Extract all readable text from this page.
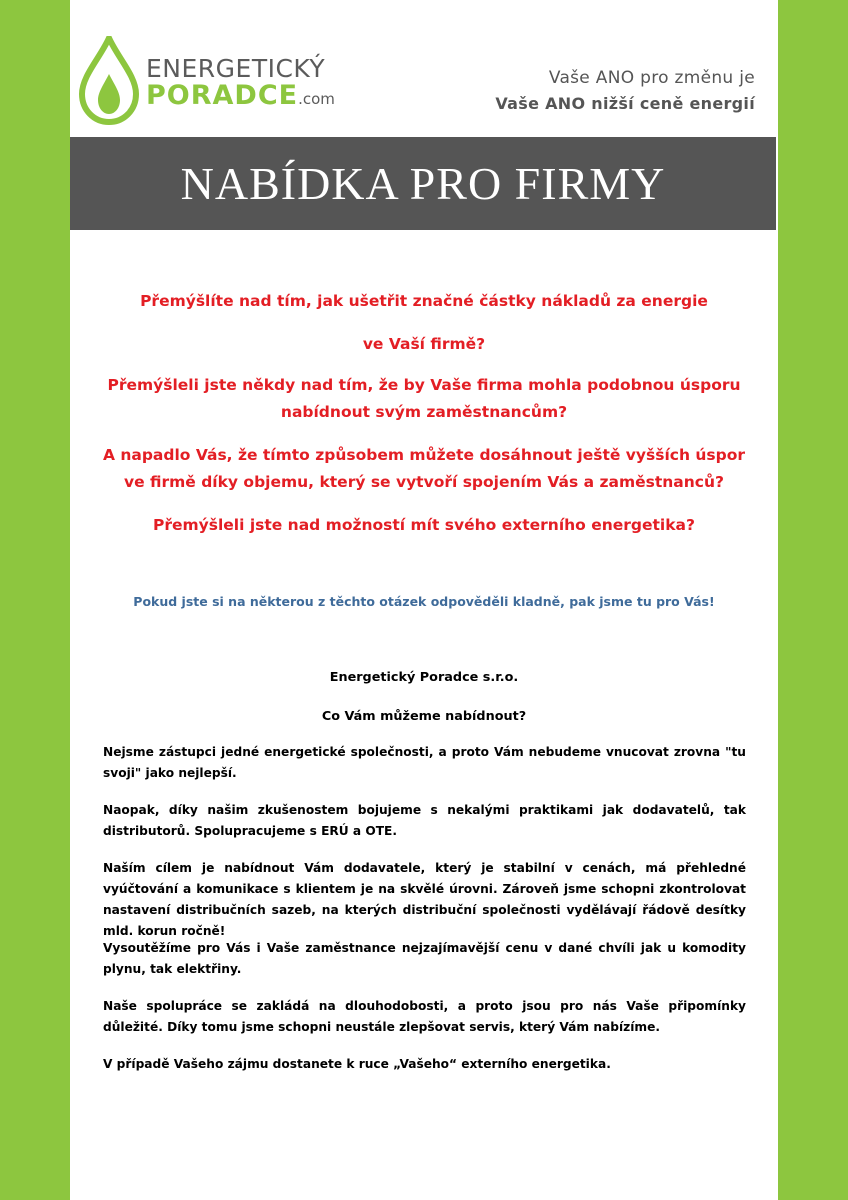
ENERGETICKÝ
PORADCE.com
Vaše ANO pro změnu je
Vaše ANO nižší ceně energií
NABÍDKA PRO FIRMY

Přemýšlíte nad tím, jak ušetřit značné částky nákladů za energie

ve Vaší firmě?

Přemýšleli jste někdy nad tím, že by Vaše firma mohla podobnou úsporu nabídnout svým zaměstnancům?

A napadlo Vás, že tímto způsobem můžete dosáhnout ještě vyšších úspor ve firmě díky objemu, který se vytvoří spojením Vás a zaměstnanců?

Přemýšleli jste nad možností mít svého externího energetika?

Pokud jste si na některou z těchto otázek odpověděli kladně, pak jsme tu pro Vás!

Energetický Poradce s.r.o.

Co Vám můžeme nabídnout?

Nejsme zástupci jedné energetické společnosti, a proto Vám nebudeme vnucovat zrovna "tu svoji" jako nejlepší.

Naopak, díky našim zkušenostem bojujeme s nekalými praktikami jak dodavatelů, tak distributorů. Spolupracujeme s ERÚ a OTE.

Naším cílem je nabídnout Vám dodavatele, který je stabilní v cenách, má přehledné vyúčtování a komunikace s klientem je na skvělé úrovni. Zároveň jsme schopni zkontrolovat nastavení distribučních sazeb, na kterých distribuční společnosti vydělávají řádově desítky mld. korun ročně!

Vysoutěžíme pro Vás i Vaše zaměstnance nejzajímavější cenu v dané chvíli jak u komodity plynu, tak elektřiny.

Naše spolupráce se zakládá na dlouhodobosti, a proto jsou pro nás Vaše připomínky důležité. Díky tomu jsme schopni neustále zlepšovat servis, který Vám nabízíme.

V případě Vašeho zájmu dostanete k ruce „Vašeho“ externího energetika.
